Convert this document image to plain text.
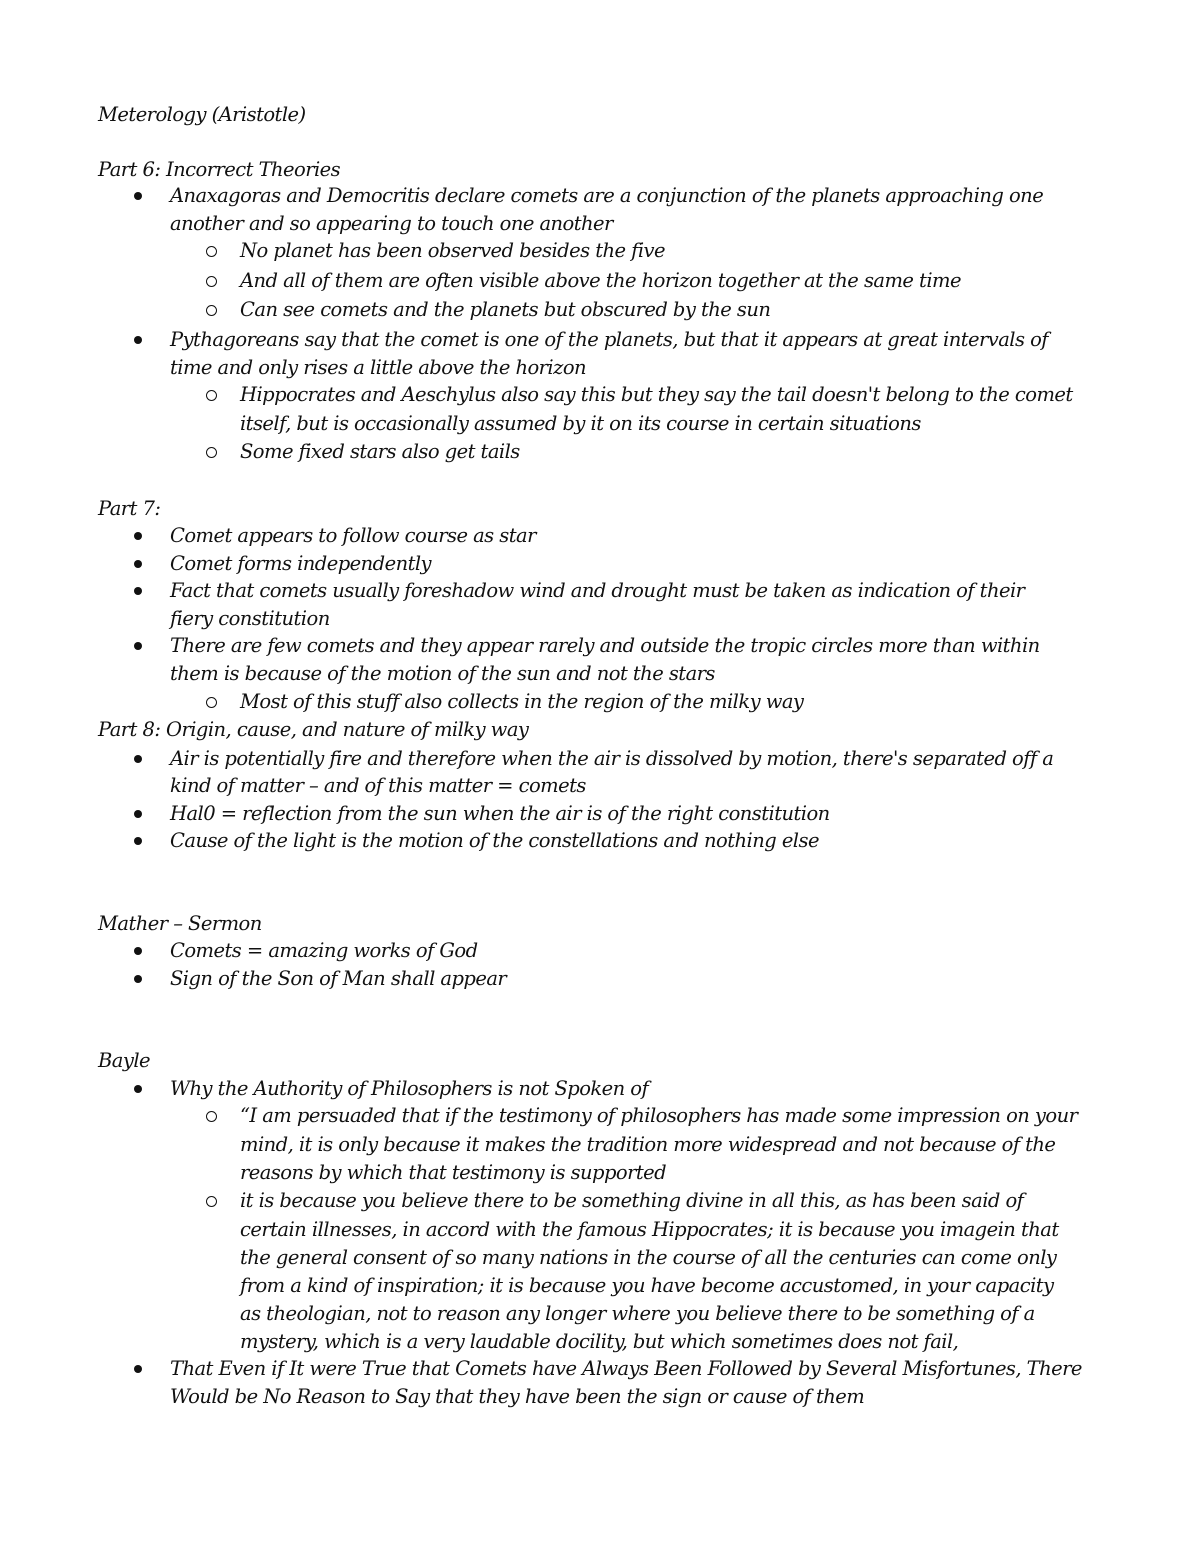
Meterology (Aristotle)
Part 6: Incorrect Theories
Anaxagoras and Democritis declare comets are a conjunction of the planets approaching one
another and so appearing to touch one another
No planet has been observed besides the five
And all of them are often visible above the horizon together at the same time
Can see comets and the planets but obscured by the sun
Pythagoreans say that the comet is one of the planets, but that it appears at great intervals of
time and only rises a little above the horizon
Hippocrates and Aeschylus also say this but they say the tail doesn't belong to the comet
itself, but is occasionally assumed by it on its course in certain situations
Some fixed stars also get tails
Part 7:
Comet appears to follow course as star
Comet forms independently
Fact that comets usually foreshadow wind and drought must be taken as indication of their
fiery constitution
There are few comets and they appear rarely and outside the tropic circles more than within
them is because of the motion of the sun and not the stars
Most of this stuff also collects in the region of the milky way
Part 8: Origin, cause, and nature of milky way
Air is potentially fire and therefore when the air is dissolved by motion, there's separated off a
kind of matter – and of this matter = comets
Hal0 = reflection from the sun when the air is of the right constitution
Cause of the light is the motion of the constellations and nothing else
Mather – Sermon
Comets = amazing works of God
Sign of the Son of Man shall appear
Bayle
Why the Authority of Philosophers is not Spoken of
“I am persuaded that if the testimony of philosophers has made some impression on your
mind, it is only because it makes the tradition more widespread and not because of the
reasons by which that testimony is supported
it is because you believe there to be something divine in all this, as has been said of
certain illnesses, in accord with the famous Hippocrates; it is because you imagein that
the general consent of so many nations in the course of all the centuries can come only
from a kind of inspiration; it is because you have become accustomed, in your capacity
as theologian, not to reason any longer where you believe there to be something of a
mystery, which is a very laudable docility, but which sometimes does not fail,
That Even if It were True that Comets have Always Been Followed by Several Misfortunes, There
Would be No Reason to Say that they have been the sign or cause of them
